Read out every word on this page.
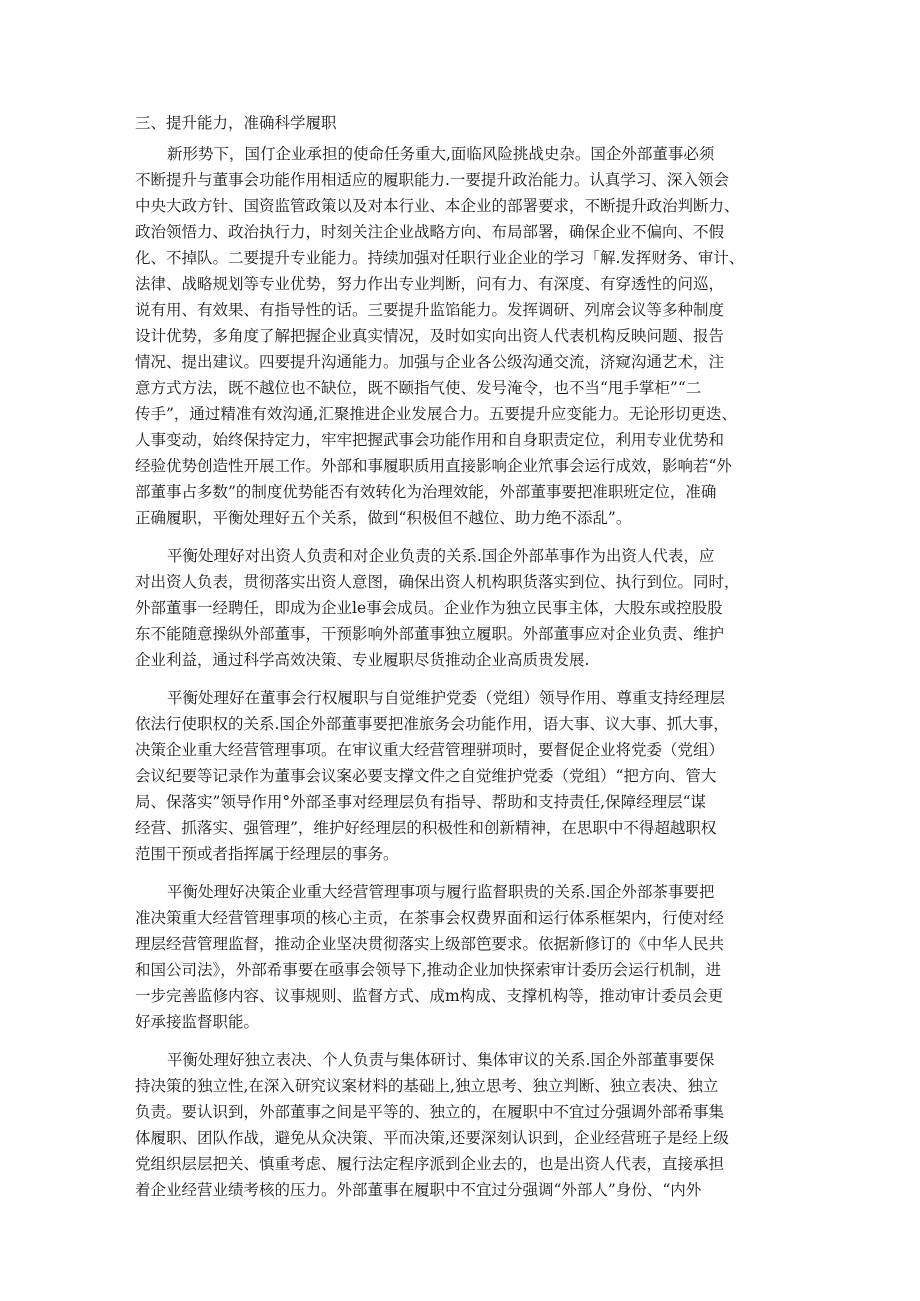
三、提升能力，准确科学履职
新形势下，国仃企业承担的使命任务重大,面临风险挑战史杂。国企外部董事必须
不断提升与董事会功能作用相适应的履职能力.一要提升政治能力。认真学习、深入领会
中央大政方针、国资监管政策以及对本行业、本企业的部署要求，不断提升政治判断力、
政治领悟力、政治执行力，时刻关注企业战略方向、布局部署，确保企业不偏向、不假
化、不掉队。二要提升专业能力。持续加强对任职行业企业的学习「解.发挥财务、审计、
法律、战略规划等专业优势，努力作出专业判断，问有力、有深度、有穿透性的问巡，
说有用、有效果、有指导性的话。三要提升监馅能力。发挥调研、列席会议等多种制度
设计优势，多角度了解把握企业真实情况，及时如实向出资人代表机构反映问题、报告
情况、提出建议。四要提升沟通能力。加强与企业各公级沟通交流，济窥沟通艺术，注
意方式方法，既不越位也不缺位，既不颐指气使、发号淹令，也不当“甩手掌柜”“二
传手”，通过精准有效沟通,汇聚推进企业发展合力。五要提升应变能力。无论形切更迭、
人事变动，始终保持定力，牢牢把握武事会功能作用和自身职责定位，利用专业优势和
经验优势创造性开展工作。外部和事履职质用直接影响企业笊事会运行成效，影响若“外
部董事占多数”的制度优势能否有效转化为治理效能，外部董事要把准职班定位，准确
正确履职，平衡处理好五个关系，做到“积极但不越位、助力绝不添乱”。
平衡处理好对出资人负责和对企业负责的关系.国企外部革事作为出资人代表，应
对出资人负表，贯彻落实出资人意图，确保出资人机构职货落实到位、执行到位。同时，
外部董事一经聘任，即成为企业le事会成员。企业作为独立民事主体，大股东或控股股
东不能随意操纵外部董事，干预影响外部董事独立履职。外部董事应对企业负责、维护
企业利益，通过科学高效决策、专业履职尽货推动企业高质贵发展.
平衡处理好在董事会行权履职与自觉维护党委（党组）领导作用、尊重支持经理层
依法行使职权的关系.国企外部董事要把准旅务会功能作用，语大事、议大事、抓大事，
决策企业重大经营管理事项。在审议重大经营管理骈项时，要督促企业将党委（党组）
会议纪要等记录作为董事会议案必要支撑文件之自觉维护党委（党组）“把方向、管大
局、保落实”领导作用°外部圣事对经理层负有指导、帮助和支持责任,保障经理层“谋
经营、抓落实、强管理”，维护好经理层的积极性和创新精神，在思职中不得超越职权
范围干预或者指挥属于经理层的事务。
平衡处理好决策企业重大经营管理事项与履行监督职贵的关系.国企外部茶事要把
准决策重大经营管理事项的核心主贡，在茶事会权费界面和运行体系框架内，行使对经
理层经营管理监督，推动企业坚决贯彻落实上级部笆要求。依据新修订的《中华人民共
和国公司法》，外部希事要在亟事会领导下,推动企业加快探索审计委历会运行机制，进
一步完善监修内容、议事规则、监督方式、成m构成、支撑机构等，推动审计委员会更
好承接监督职能。
平衡处理好独立表决、个人负责与集体研讨、集体审议的关系.国企外部董事要保
持决策的独立性,在深入研究议案材料的基础上,独立思考、独立判断、独立表决、独立
负责。要认识到，外部董事之间是平等的、独立的，在履职中不宜过分强调外部希事集
体履职、团队作战，避免从众决策、平而决策,还要深刻认识到，企业经营班子是经上级
党组织层层把关、慎重考虑、履行法定程序派到企业去的，也是出资人代表，直接承担
着企业经营业绩考核的压力。外部董事在履职中不宜过分强调“外部人”身份、“内外
